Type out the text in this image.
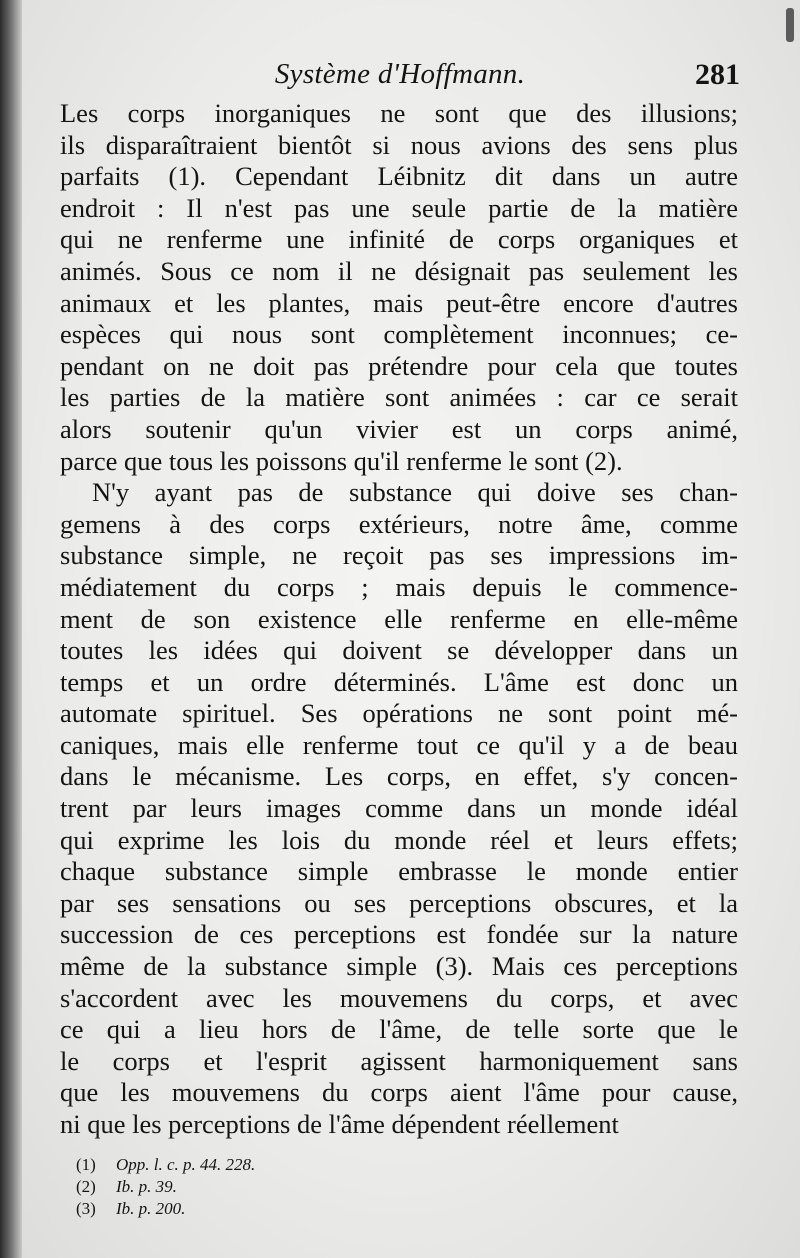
Système d'Hoffmann.	281
Les corps inorganiques ne sont que des illusions;
ils disparaîtraient bientôt si nous avions des sens plus
parfaits (1). Cependant Léibnitz dit dans un autre
endroit : Il n'est pas une seule partie de la matière
qui ne renferme une infinité de corps organiques et
animés. Sous ce nom il ne désignait pas seulement les
animaux et les plantes, mais peut-être encore d'autres
espèces qui nous sont complètement inconnues; ce-
pendant on ne doit pas prétendre pour cela que toutes
les parties de la matière sont animées : car ce serait
alors soutenir qu'un vivier est un corps animé,
parce que tous les poissons qu'il renferme le sont (2).
N'y ayant pas de substance qui doive ses chan-
gemens à des corps extérieurs, notre âme, comme
substance simple, ne reçoit pas ses impressions im-
médiatement du corps ; mais depuis le commence-
ment de son existence elle renferme en elle-même
toutes les idées qui doivent se développer dans un
temps et un ordre déterminés. L'âme est donc un
automate spirituel. Ses opérations ne sont point mé-
caniques, mais elle renferme tout ce qu'il y a de beau
dans le mécanisme. Les corps, en effet, s'y concen-
trent par leurs images comme dans un monde idéal
qui exprime les lois du monde réel et leurs effets;
chaque substance simple embrasse le monde entier
par ses sensations ou ses perceptions obscures, et la
succession de ces perceptions est fondée sur la nature
même de la substance simple (3). Mais ces perceptions
s'accordent avec les mouvemens du corps, et avec
ce qui a lieu hors de l'âme, de telle sorte que le
le corps et l'esprit agissent harmoniquement sans
que les mouvemens du corps aient l'âme pour cause,
ni que les perceptions de l'âme dépendent réellement
(1) Opp. l. c. p. 44. 228.
(2) Ib. p. 39.
(3) Ib. p. 200.
